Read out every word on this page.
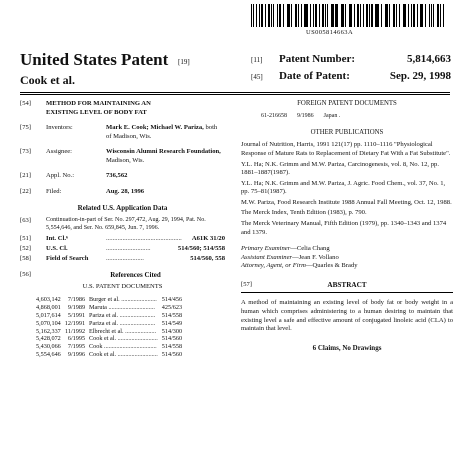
US005814663A
United States Patent
Cook et al.
[19]	[11]	Patent Number:	5,814,663
[45]	Date of Patent:	Sep. 29, 1998
[54]	METHOD FOR MAINTAINING AN EXISTING LEVEL OF BODY FAT
[75]	Inventors:	Mark E. Cook; Michael W. Pariza, both of Madison, Wis.
[73]	Assignee:	Wisconsin Alumni Research Foundation, Madison, Wis.
[21]	Appl. No.:	736,562
[22]	Filed:	Aug. 28, 1996
Related U.S. Application Data
[63]	Continuation-in-part of Ser. No. 297,472, Aug. 29, 1994, Pat. No. 5,554,646, and Ser. No. 659,845, Jun. 7, 1996.
[51]	Int. Cl.⁶	..............................................	A61K 31/20
[52]	U.S. Cl.	...........................	514/560; 514/558
[58]	Field of Search	.......................	514/560, 558
[56]	References Cited
U.S. PATENT DOCUMENTS
4,603,142	7/1986	Burger et al. .......................	514/456
4,868,001	9/1989	Maruta ..............................	425/623
5,017,614	5/1991	Pariza et al. .......................	514/558
5,070,104	12/1991	Pariza et al. .......................	514/549
5,162,337	11/1992	Elbrecht et al. ....................	514/300
5,428,072	6/1995	Cook et al. ..........................	514/560
5,430,066	7/1995	Cook ..................................	514/558
5,554,646	9/1996	Cook et al. ..........................	514/560
FOREIGN PATENT DOCUMENTS
61-216658 9/1986 Japan .
OTHER PUBLICATIONS

Journal of Nutrition, Harris, 1991 121(17) pp. 1110–1116 "Physiological Response of Mature Rats to Replacement of Dietary Fat With a Fat Substitute".

Y.L. Ha; N.K. Grimm and M.W. Pariza, Carcinogenesis, vol. 8, No. 12, pp. 1881–1887(1987).

Y.L. Ha; N.K. Grimm and M.W. Pariza, J. Agric. Food Chem., vol. 37, No. 1, pp. 75–81(1987).

M.W. Pariza, Food Research Institute 1988 Annual Fall Meeting, Oct. 12, 1988.

The Merck Index, Tenth Edition (1983), p. 790.

The Merck Veterinary Manual, Fifth Edition (1979), pp. 1340–1343 and 1374 and 1379.

Primary Examiner—Celia Chang
Assistant Examiner—Jean F. Vollano
Attorney, Agent, or Firm—Quarles & Brady
[57]	ABSTRACT
A method of maintaining an existing level of body fat or body weight in a human which comprises administering to a human desiring to maintain that existing level a safe and effective amount of conjugated linoleic acid (CLA) to maintain that level.
6 Claims, No Drawings
